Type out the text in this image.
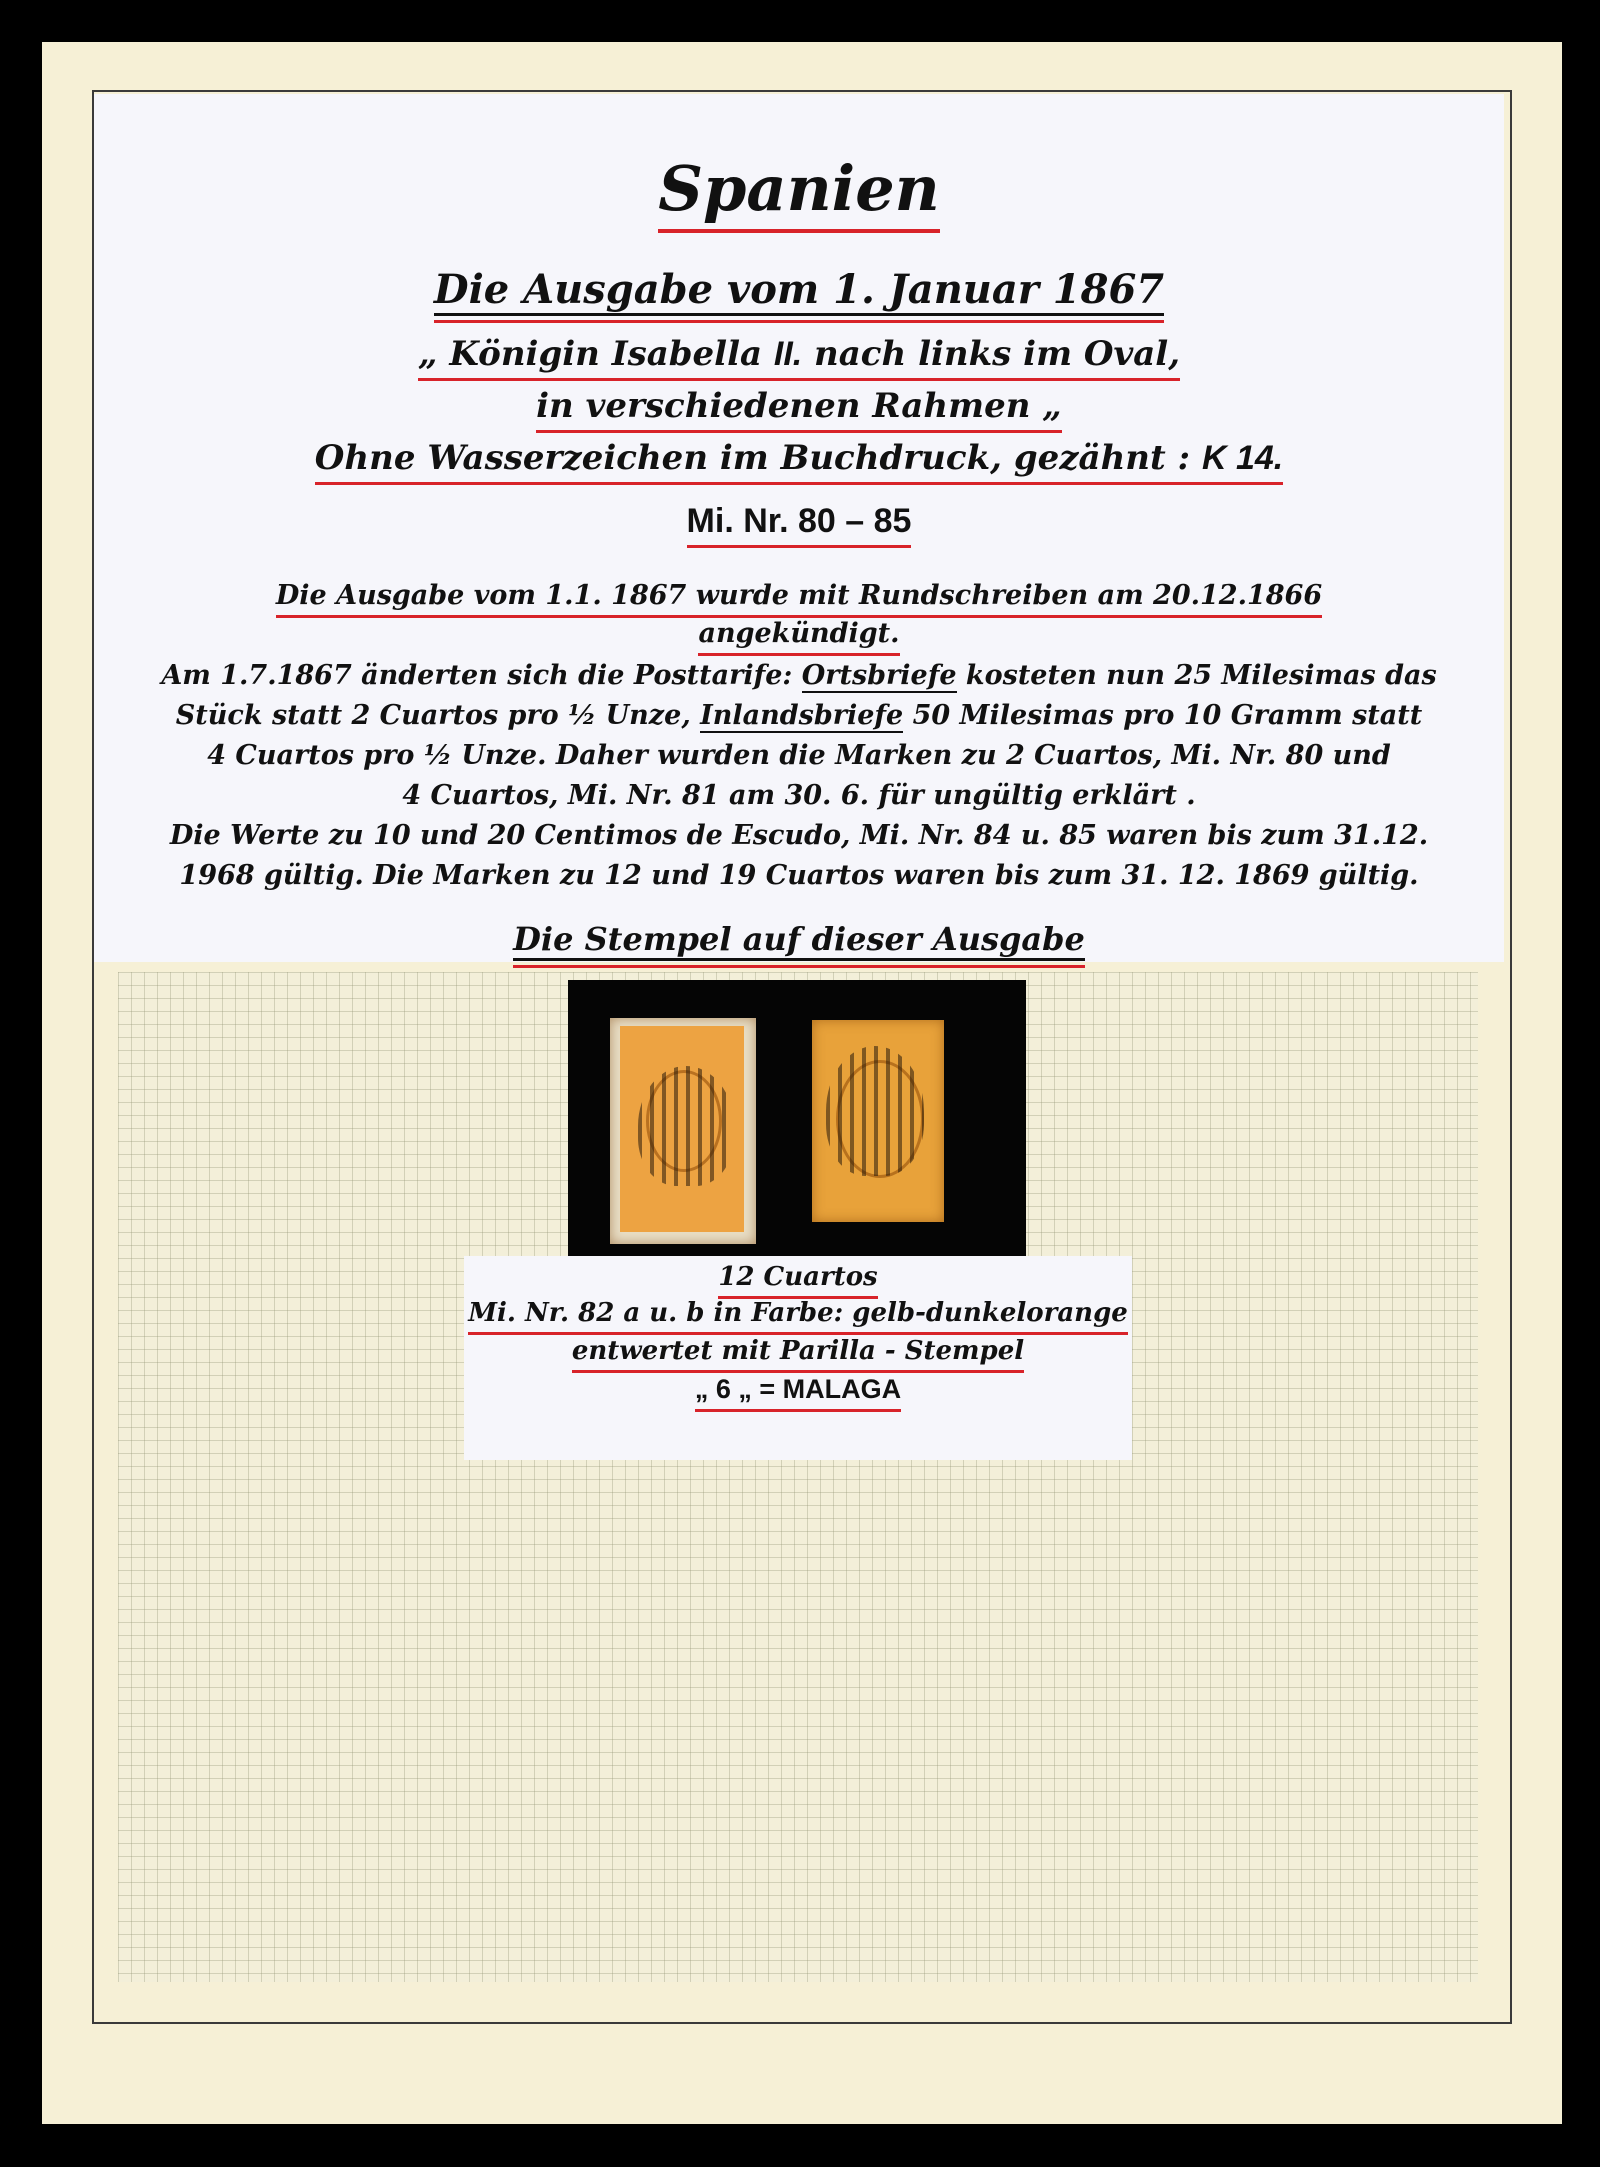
Spanien
Die Ausgabe vom 1. Januar 1867
„ Königin Isabella II. nach links im Oval,
in verschiedenen Rahmen „
Ohne Wasserzeichen im Buchdruck, gezähnt : K 14.
Mi. Nr. 80 – 85
Die Ausgabe vom 1.1. 1867 wurde mit Rundschreiben am 20.12.1866
angekündigt.
Am 1.7.1867 änderten sich die Posttarife: Ortsbriefe kosteten nun 25 Milesimas das
Stück statt 2 Cuartos pro ½ Unze, Inlandsbriefe 50 Milesimas pro 10 Gramm statt
4 Cuartos pro ½ Unze. Daher wurden die Marken zu 2 Cuartos, Mi. Nr. 80 und
4 Cuartos, Mi. Nr. 81 am 30. 6. für ungültig erklärt .
Die Werte zu 10 und 20 Centimos de Escudo, Mi. Nr. 84 u. 85 waren bis zum 31.12.
1968 gültig. Die Marken zu 12 und 19 Cuartos waren bis zum 31. 12. 1869 gültig.
Die Stempel auf dieser Ausgabe
12 Cuartos
Mi. Nr. 82 a u. b in Farbe: gelb-dunkelorange
entwertet mit Parilla - Stempel
„ 6 „ = MALAGA
